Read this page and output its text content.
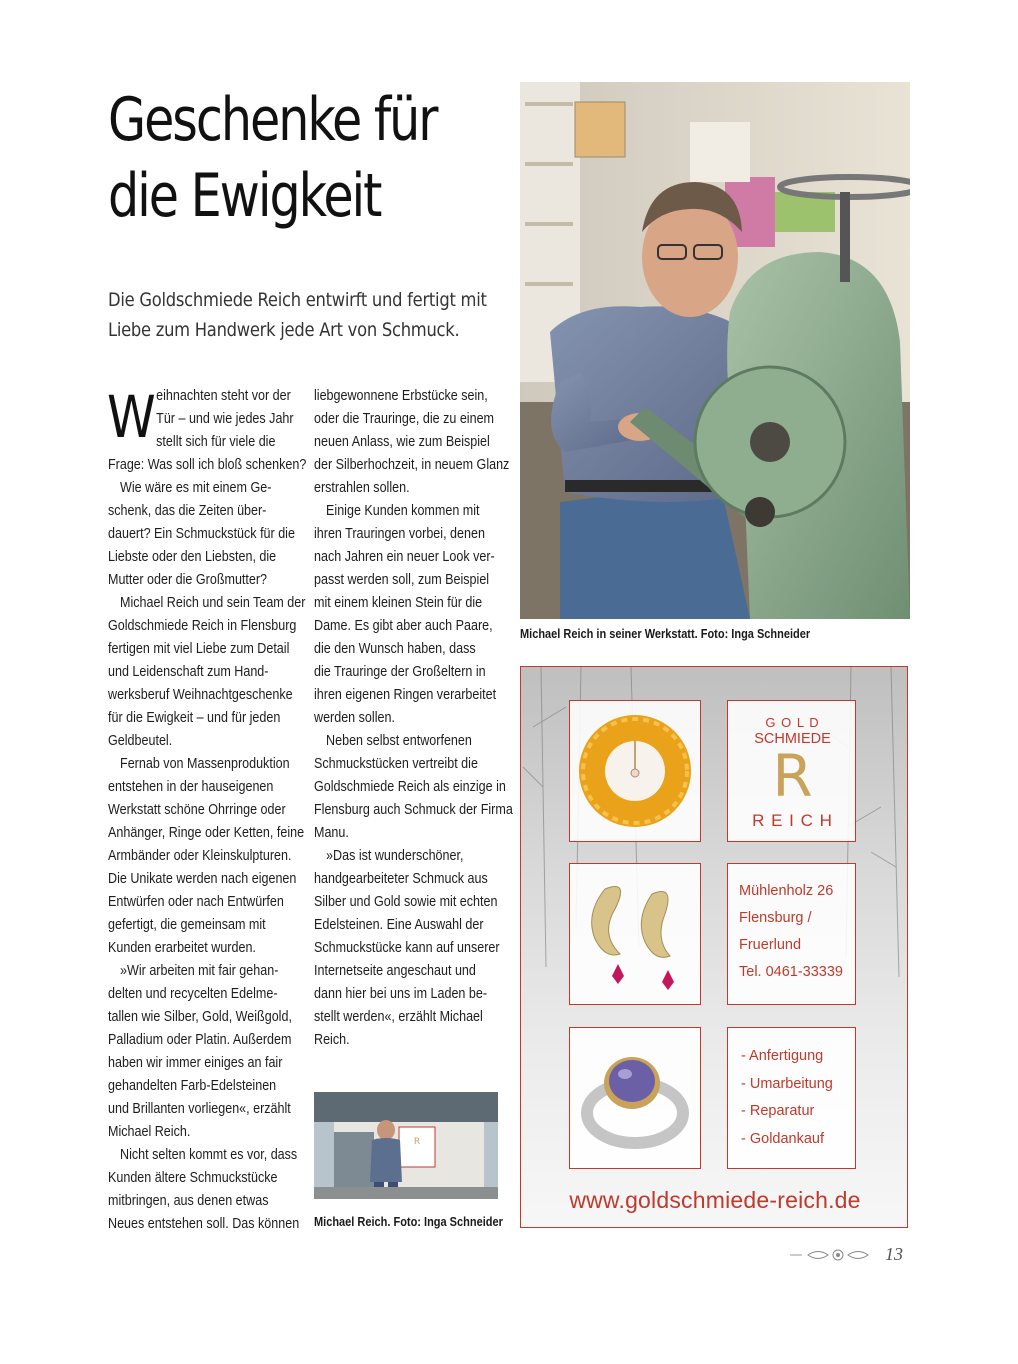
Geschenke für
die Ewigkeit
Die Goldschmiede Reich entwirft und fertigt mit
Liebe zum Handwerk jede Art von Schmuck.
W eihnachten steht vor der
Tür – und wie jedes Jahr
stellt sich für viele die
Frage: Was soll ich bloß schenken?
Wie wäre es mit einem Ge-
schenk, das die Zeiten über-
dauert? Ein Schmuckstück für die
Liebste oder den Liebsten, die
Mutter oder die Großmutter?
Michael Reich und sein Team der
Goldschmiede Reich in Flensburg
fertigen mit viel Liebe zum Detail
und Leidenschaft zum Hand-
werksberuf Weihnachtgeschenke
für die Ewigkeit – und für jeden
Geldbeutel.
Fernab von Massenproduktion
entstehen in der hauseigenen
Werkstatt schöne Ohrringe oder
Anhänger, Ringe oder Ketten, feine
Armbänder oder Kleinskulpturen.
Die Unikate werden nach eigenen
Entwürfen oder nach Entwürfen
gefertigt, die gemeinsam mit
Kunden erarbeitet wurden.
»Wir arbeiten mit fair gehan-
delten und recycelten Edelme-
tallen wie Silber, Gold, Weißgold,
Palladium oder Platin. Außerdem
haben wir immer einiges an fair
gehandelten Farb-Edelsteinen
und Brillanten vorliegen«, erzählt
Michael Reich.
Nicht selten kommt es vor, dass
Kunden ältere Schmuckstücke
mitbringen, aus denen etwas
Neues entstehen soll. Das können
liebgewonnene Erbstücke sein,
oder die Trauringe, die zu einem
neuen Anlass, wie zum Beispiel
der Silberhochzeit, in neuem Glanz
erstrahlen sollen.
Einige Kunden kommen mit
ihren Trauringen vorbei, denen
nach Jahren ein neuer Look ver-
passt werden soll, zum Beispiel
mit einem kleinen Stein für die
Dame. Es gibt aber auch Paare,
die den Wunsch haben, dass
die Trauringe der Großeltern in
ihren eigenen Ringen verarbeitet
werden sollen.
Neben selbst entworfenen
Schmuckstücken vertreibt die
Goldschmiede Reich als einzige in
Flensburg auch Schmuck der Firma
Manu.
»Das ist wunderschöner,
handgearbeiteter Schmuck aus
Silber und Gold sowie mit echten
Edelsteinen. Eine Auswahl der
Schmuckstücke kann auf unserer
Internetseite angeschaut und
dann hier bei uns im Laden be-
stellt werden«, erzählt Michael
Reich.
Michael Reich in seiner Werkstatt. Foto: Inga Schneider
G O L D
SCHMIEDE
R
R E I C H
Mühlenholz 26
Flensburg /
Fruerlund
Tel. 0461-33339
- Anfertigung
- Umarbeitung
- Reparatur
- Goldankauf
www.goldschmiede-reich.de
R
Michael Reich. Foto: Inga Schneider
13
